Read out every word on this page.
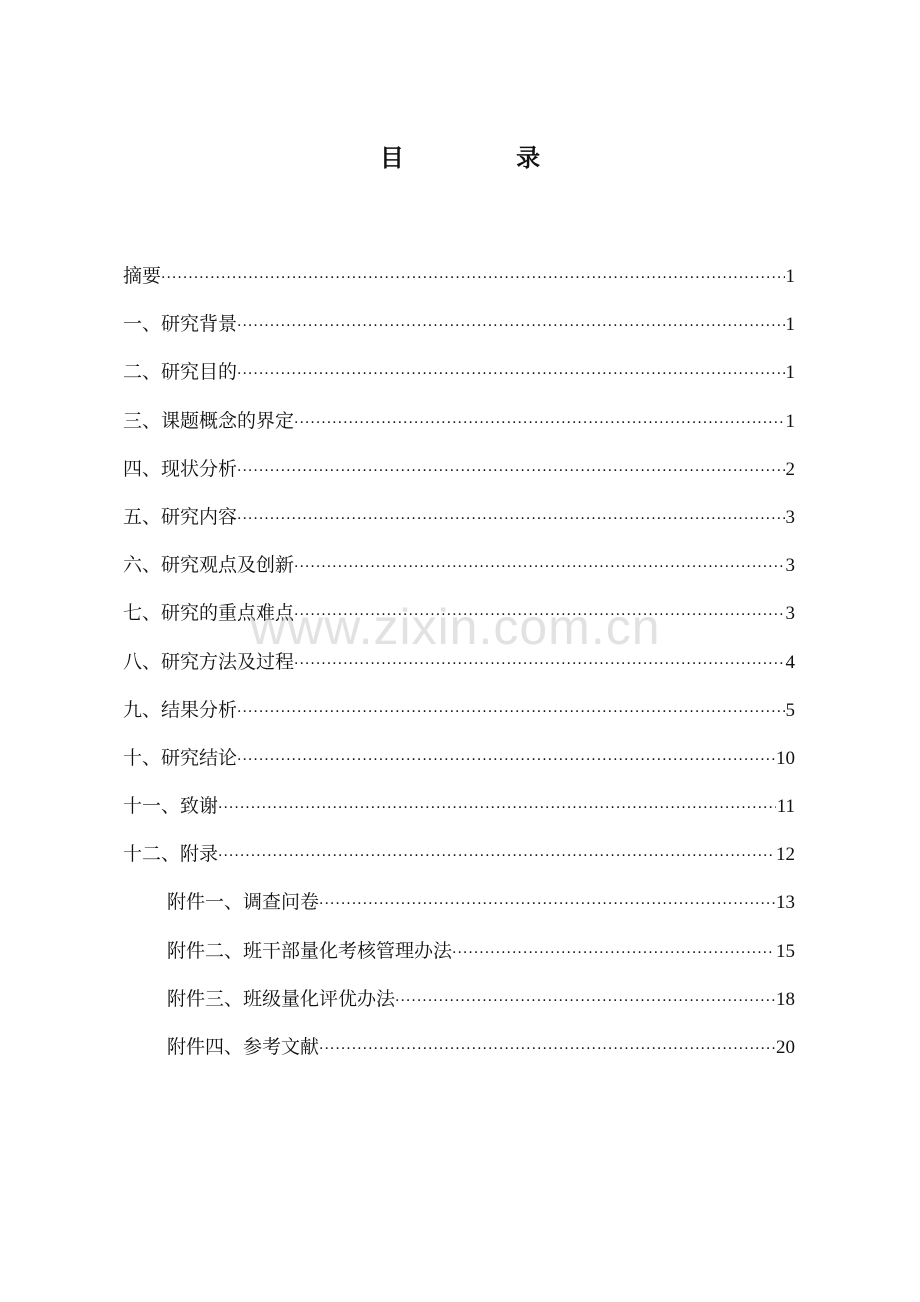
目 录
摘要 ·····	1
一、研究背景 ·····	1
二、研究目的 ·····	1
三、课题概念的界定 ·····	1
四、现状分析 ·····	2
五、研究内容 ·····	3
六、研究观点及创新 ·····	3
七、研究的重点难点 ·····	3
八、研究方法及过程 ·····	4
九、结果分析 ·····	5
十、研究结论 ·····	10
十一、致谢 ·····	11
十二、附录 ·····	12
附件一、调查问卷 ·····	13
附件二、班干部量化考核管理办法 ·····	15
附件三、班级量化评优办法 ·····	18
附件四、参考文献 ·····	20
www.zixin.com.cn
